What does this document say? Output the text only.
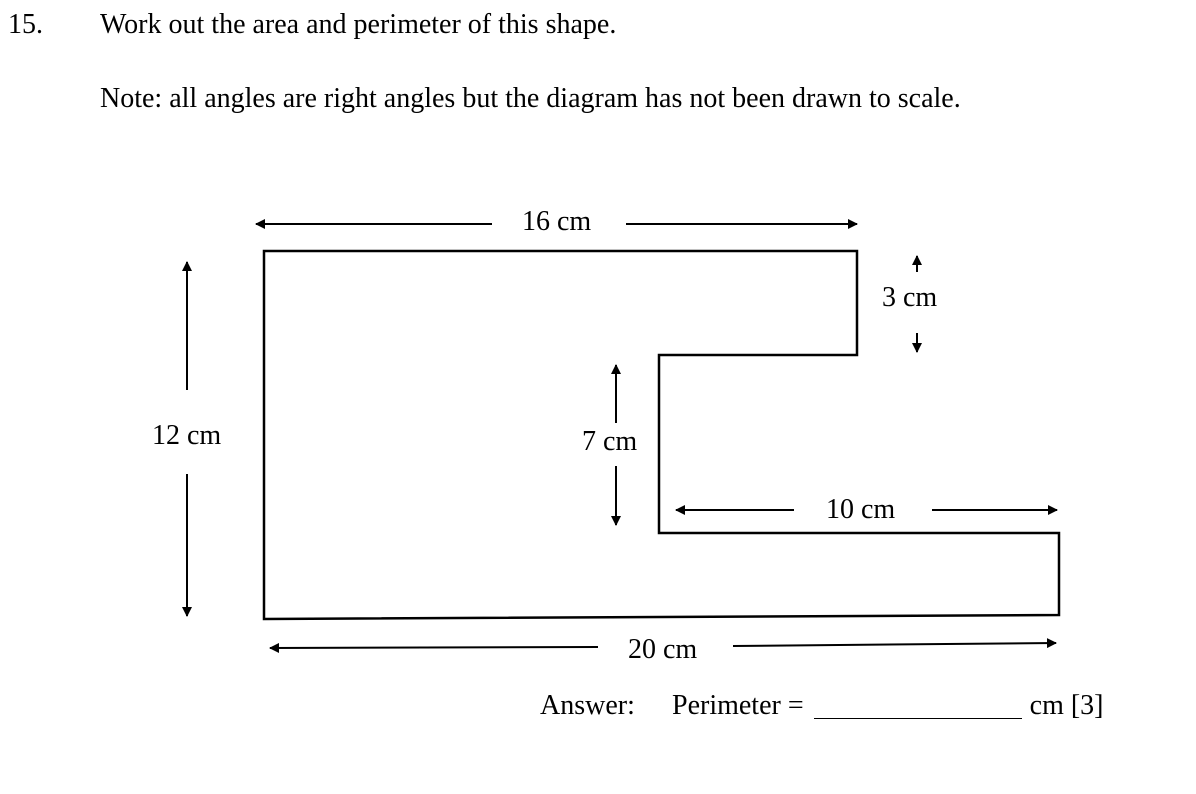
15. Work out the area and perimeter of this shape.
Note: all angles are right angles but the diagram has not been drawn to scale.
16 cm
3 cm
12 cm	7 cm
10 cm
20 cm
Answer: Perimeter =	cm [3]
